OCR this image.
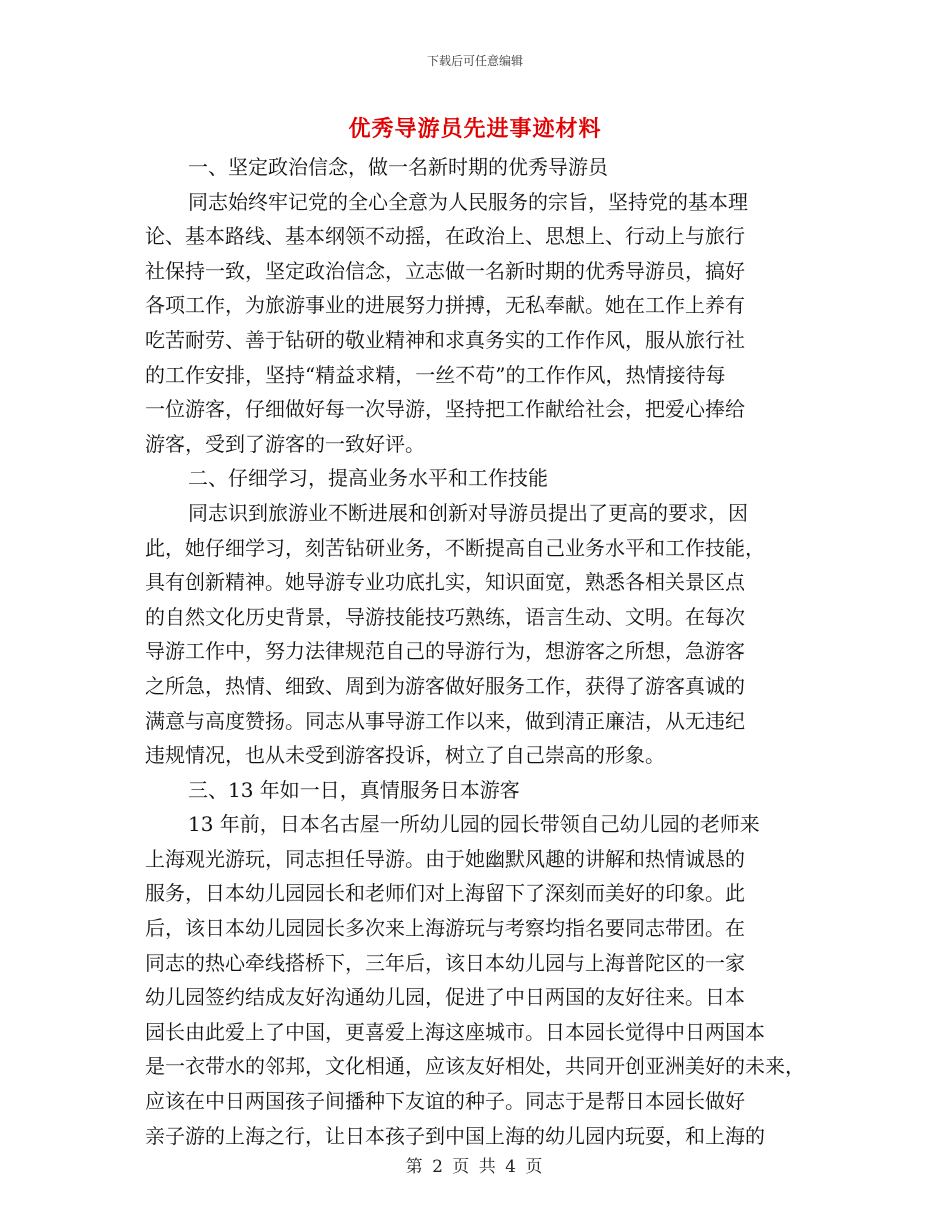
下载后可任意编辑
优秀导游员先进事迹材料
一、坚定政治信念，做一名新时期的优秀导游员
同志始终牢记党的全心全意为人民服务的宗旨，坚持党的基本理
论、基本路线、基本纲领不动摇，在政治上、思想上、行动上与旅行
社保持一致，坚定政治信念，立志做一名新时期的优秀导游员，搞好
各项工作，为旅游事业的进展努力拼搏，无私奉献。她在工作上养有
吃苦耐劳、善于钻研的敬业精神和求真务实的工作作风，服从旅行社
的工作安排，坚持“精益求精，一丝不苟”的工作作风，热情接待每
一位游客，仔细做好每一次导游，坚持把工作献给社会，把爱心捧给
游客，受到了游客的一致好评。
二、仔细学习，提高业务水平和工作技能
同志识到旅游业不断进展和创新对导游员提出了更高的要求，因
此，她仔细学习，刻苦钻研业务，不断提高自己业务水平和工作技能，
具有创新精神。她导游专业功底扎实，知识面宽，熟悉各相关景区点
的自然文化历史背景，导游技能技巧熟练，语言生动、文明。在每次
导游工作中，努力法律规范自己的导游行为，想游客之所想，急游客
之所急，热情、细致、周到为游客做好服务工作，获得了游客真诚的
满意与高度赞扬。同志从事导游工作以来，做到清正廉洁，从无违纪
违规情况，也从未受到游客投诉，树立了自己崇高的形象。
三、13 年如一日，真情服务日本游客
13 年前，日本名古屋一所幼儿园的园长带领自己幼儿园的老师来
上海观光游玩，同志担任导游。由于她幽默风趣的讲解和热情诚恳的
服务，日本幼儿园园长和老师们对上海留下了深刻而美好的印象。此
后，该日本幼儿园园长多次来上海游玩与考察均指名要同志带团。在
同志的热心牵线搭桥下，三年后，该日本幼儿园与上海普陀区的一家
幼儿园签约结成友好沟通幼儿园，促进了中日两国的友好往来。日本
园长由此爱上了中国，更喜爱上海这座城市。日本园长觉得中日两国本
是一衣带水的邻邦，文化相通，应该友好相处，共同开创亚洲美好的未来，
应该在中日两国孩子间播种下友谊的种子。同志于是帮日本园长做好
亲子游的上海之行，让日本孩子到中国上海的幼儿园内玩耍，和上海的
第 2 页 共 4 页
